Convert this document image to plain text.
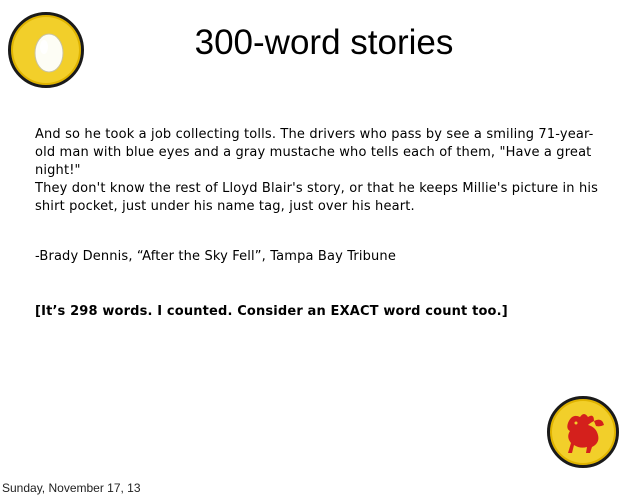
300-word stories

And so he took a job collecting tolls. The drivers who pass by see a smiling 71-year-old man with blue eyes and a gray mustache who tells each of them, "Have a great night!"

They don't know the rest of Lloyd Blair's story, or that he keeps Millie's picture in his shirt pocket, just under his name tag, just over his heart.

-Brady Dennis, “After the Sky Fell”, Tampa Bay Tribune

[It’s 298 words. I counted. Consider an EXACT word count too.]

Sunday, November 17, 13
